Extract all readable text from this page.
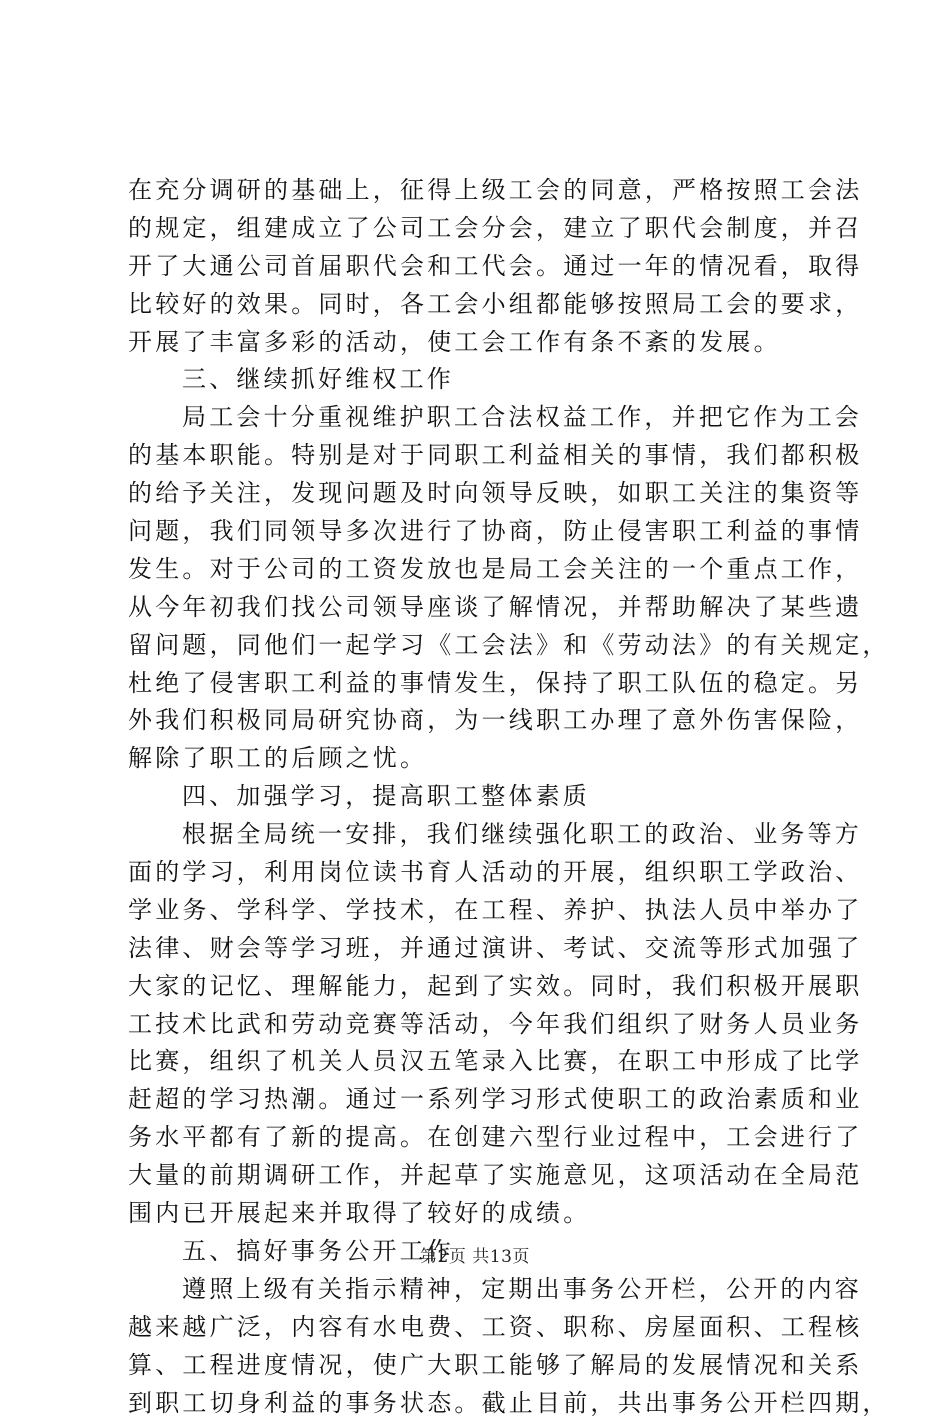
在充分调研的基础上，征得上级工会的同意，严格按照工会法
的规定，组建成立了公司工会分会，建立了职代会制度，并召
开了大通公司首届职代会和工代会。通过一年的情况看，取得
比较好的效果。同时，各工会小组都能够按照局工会的要求，
开展了丰富多彩的活动，使工会工作有条不紊的发展。
三、继续抓好维权工作
局工会十分重视维护职工合法权益工作，并把它作为工会
的基本职能。特别是对于同职工利益相关的事情，我们都积极
的给予关注，发现问题及时向领导反映，如职工关注的集资等
问题，我们同领导多次进行了协商，防止侵害职工利益的事情
发生。对于公司的工资发放也是局工会关注的一个重点工作，
从今年初我们找公司领导座谈了解情况，并帮助解决了某些遗
留问题，同他们一起学习《工会法》和《劳动法》的有关规定，
杜绝了侵害职工利益的事情发生，保持了职工队伍的稳定。另
外我们积极同局研究协商，为一线职工办理了意外伤害保险，
解除了职工的后顾之忧。
四、加强学习，提高职工整体素质
根据全局统一安排，我们继续强化职工的政治、业务等方
面的学习，利用岗位读书育人活动的开展，组织职工学政治、
学业务、学科学、学技术，在工程、养护、执法人员中举办了
法律、财会等学习班，并通过演讲、考试、交流等形式加强了
大家的记忆、理解能力，起到了实效。同时，我们积极开展职
工技术比武和劳动竞赛等活动，今年我们组织了财务人员业务
比赛，组织了机关人员汉五笔录入比赛，在职工中形成了比学
赶超的学习热潮。通过一系列学习形式使职工的政治素质和业
务水平都有了新的提高。在创建六型行业过程中，工会进行了
大量的前期调研工作，并起草了实施意见，这项活动在全局范
围内已开展起来并取得了较好的成绩。
五、搞好事务公开工作
遵照上级有关指示精神，定期出事务公开栏，公开的内容
越来越广泛，内容有水电费、工资、职称、房屋面积、工程核
算、工程进度情况，使广大职工能够了解局的发展情况和关系
到职工切身利益的事务状态。截止目前，共出事务公开栏四期，
第2页 共13页
